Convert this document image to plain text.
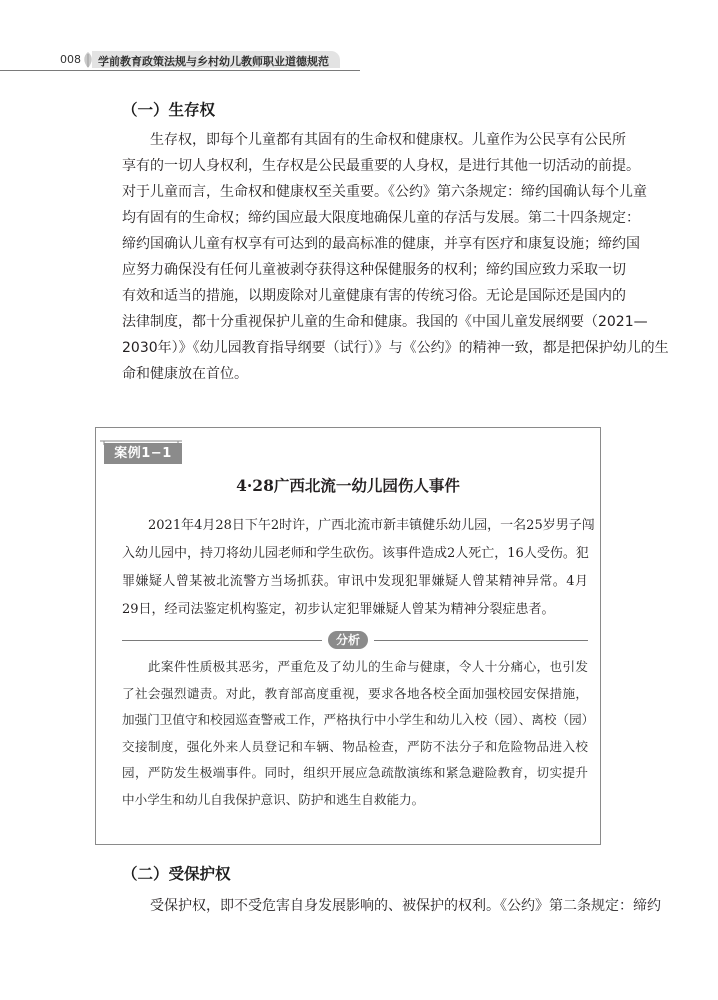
008 学前教育政策法规与乡村幼儿教师职业道德规范
（一）生存权
　　生存权，即每个儿童都有其固有的生命权和健康权。儿童作为公民享有公民所
享有的一切人身权利，生存权是公民最重要的人身权，是进行其他一切活动的前提。
对于儿童而言，生命权和健康权至关重要。《公约》第六条规定：缔约国确认每个儿童
均有固有的生命权；缔约国应最大限度地确保儿童的存活与发展。第二十四条规定：
缔约国确认儿童有权享有可达到的最高标准的健康，并享有医疗和康复设施；缔约国
应努力确保没有任何儿童被剥夺获得这种保健服务的权利；缔约国应致力采取一切
有效和适当的措施，以期废除对儿童健康有害的传统习俗。无论是国际还是国内的
法律制度，都十分重视保护儿童的生命和健康。我国的《中国儿童发展纲要（2021—
2030年）》《幼儿园教育指导纲要（试行）》与《公约》的精神一致，都是把保护幼儿的生
命和健康放在首位。
案例1−1
4·28广西北流一幼儿园伤人事件
　　2021年4月28日下午2时许，广西北流市新丰镇健乐幼儿园，一名25岁男子闯
入幼儿园中，持刀将幼儿园老师和学生砍伤。该事件造成2人死亡，16人受伤。犯
罪嫌疑人曾某被北流警方当场抓获。审讯中发现犯罪嫌疑人曾某精神异常。4月
29日，经司法鉴定机构鉴定，初步认定犯罪嫌疑人曾某为精神分裂症患者。
分析
　　此案件性质极其恶劣，严重危及了幼儿的生命与健康，令人十分痛心，也引发
了社会强烈谴责。对此，教育部高度重视，要求各地各校全面加强校园安保措施，
加强门卫值守和校园巡查警戒工作，严格执行中小学生和幼儿入校（园）、离校（园）
交接制度，强化外来人员登记和车辆、物品检查，严防不法分子和危险物品进入校
园，严防发生极端事件。同时，组织开展应急疏散演练和紧急避险教育，切实提升
中小学生和幼儿自我保护意识、防护和逃生自救能力。
（二）受保护权
　　受保护权，即不受危害自身发展影响的、被保护的权利。《公约》第二条规定：缔约
